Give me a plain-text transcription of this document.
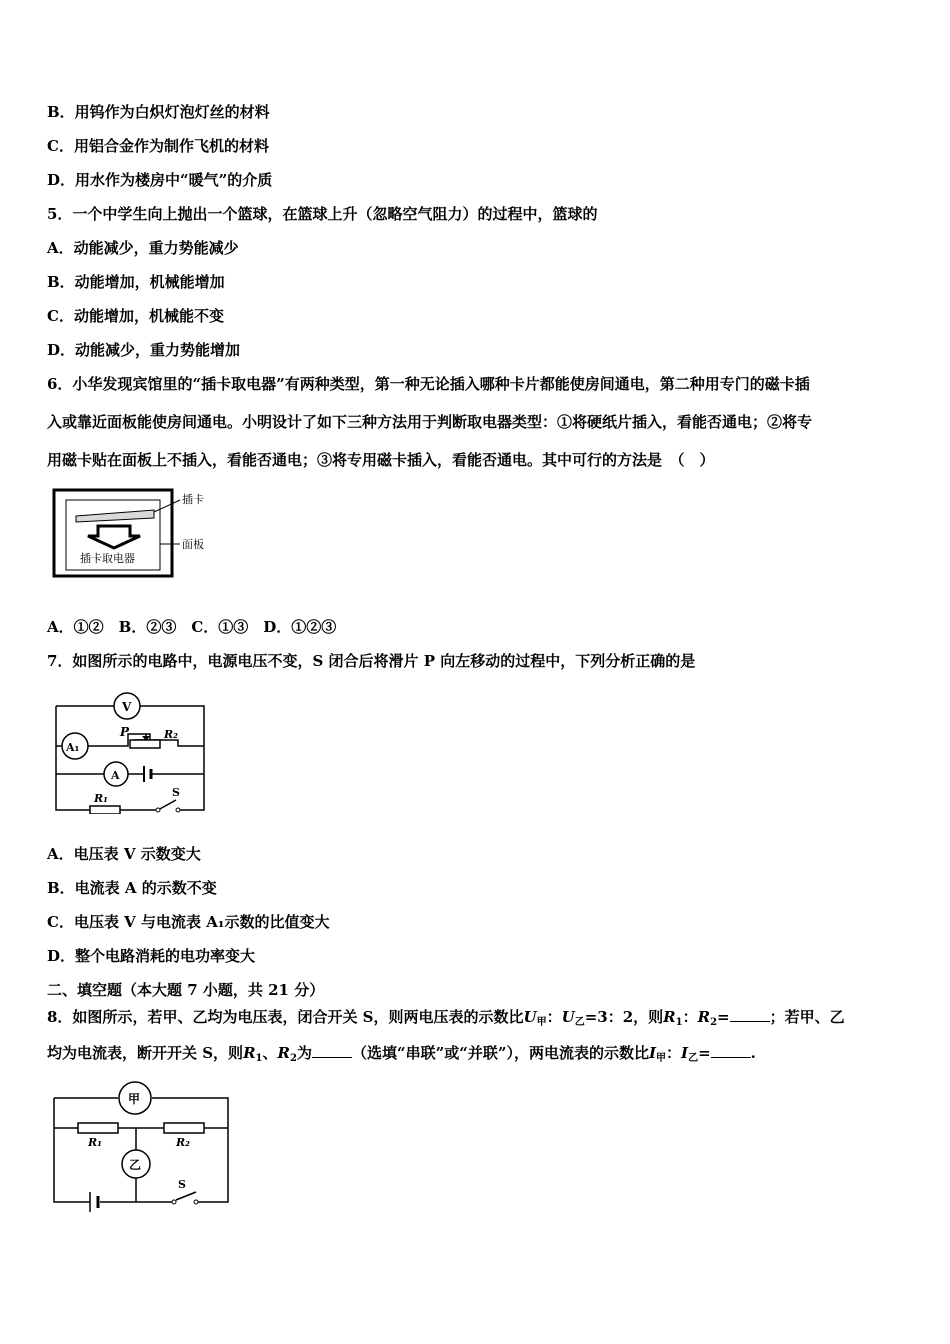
B．用钨作为白炽灯泡灯丝的材料
C．用铝合金作为制作飞机的材料
D．用水作为楼房中“暖气”的介质
5．一个中学生向上抛出一个篮球，在篮球上升（忽略空气阻力）的过程中，篮球的
A．动能减少，重力势能减少
B．动能增加，机械能增加
C．动能增加，机械能不变
D．动能减少，重力势能增加
6．小华发现宾馆里的“插卡取电器”有两种类型，第一种无论插入哪种卡片都能使房间通电，第二种用专门的磁卡插
入或靠近面板能使房间通电。小明设计了如下三种方法用于判断取电器类型：①将硬纸片插入，看能否通电；②将专
用磁卡贴在面板上不插入，看能否通电；③将专用磁卡插入，看能否通电。其中可行的方法是　（　）
插卡
面板
插卡取电器
A．①②　B．②③　C．①③　D．①②③
7．如图所示的电路中，电源电压不变，S 闭合后将滑片 P 向左移动的过程中，下列分析正确的是
V
A₁
P	R₂
A
R₁	S
A．电压表 V 示数变大
B．电流表 A 的示数不变
C．电压表 V 与电流表 A₁示数的比值变大
D．整个电路消耗的电功率变大
二、填空题（本大题 7 小题，共 21 分）
8．如图所示，若甲、乙均为电压表，闭合开关 S，则两电压表的示数比$U_甲$：$U_乙=3$：2，则$R_1$：$R_2=$	；若甲、乙
均为电流表，断开开关 S，则$R_1$、$R_2$为	（选填“串联”或“并联”），两电流表的示数比$I_甲$：$I_乙=$	.
甲
R₁	R₂
乙
S
